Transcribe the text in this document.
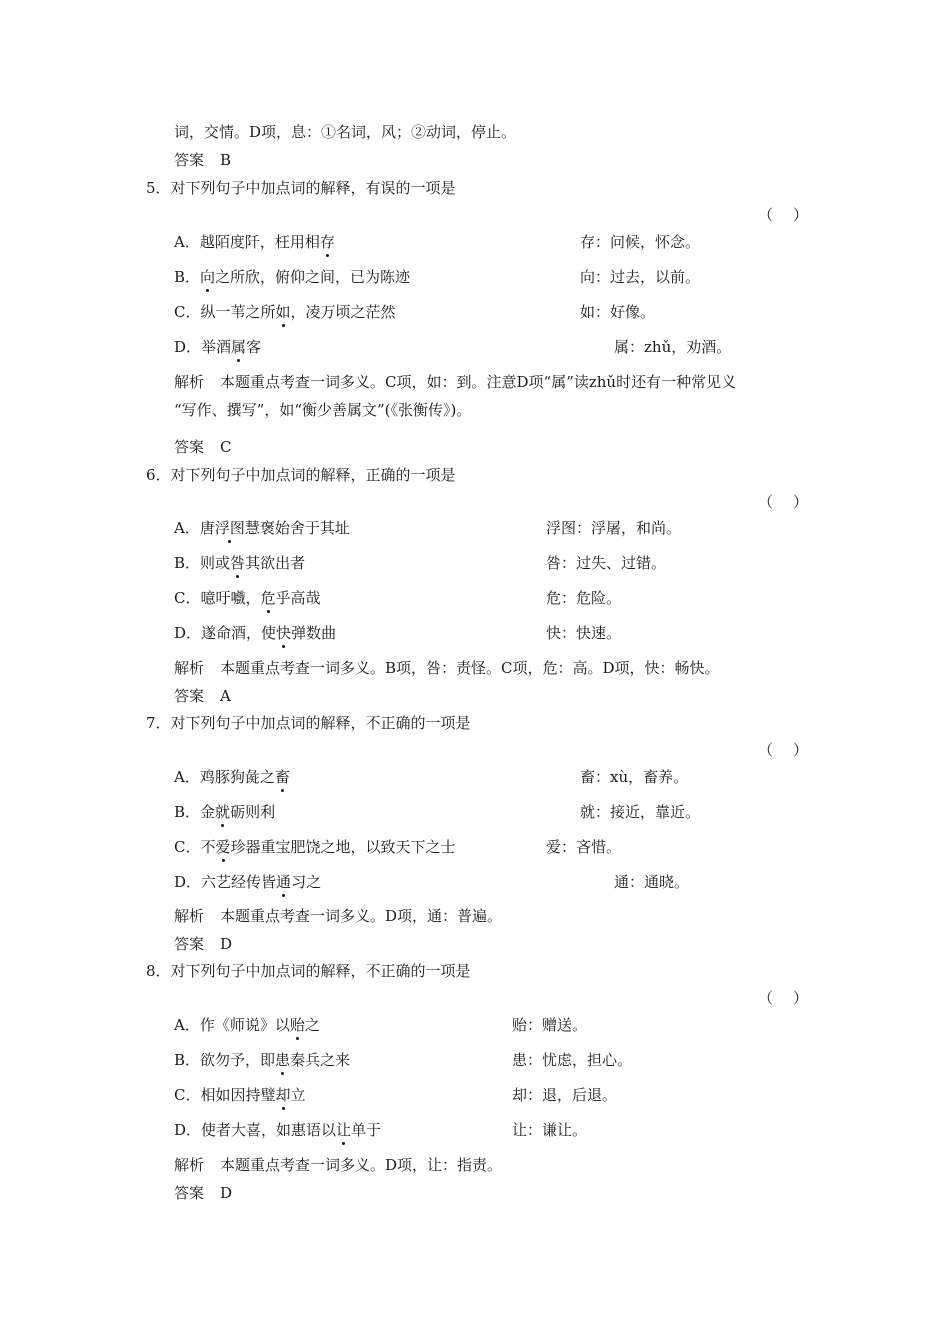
词，交情。D项，息：①名词，风；②动词，停止。
答案 B
5．对下列句子中加点词的解释，有误的一项是
（ ）
A．越陌度阡，枉用相存	存：问候，怀念。
B．向之所欣，俯仰之间，已为陈迹	向：过去，以前。
C．纵一苇之所如，凌万顷之茫然	如：好像。
D．举酒属客	属：zhǔ，劝酒。
解析 本题重点考查一词多义。C项，如：到。注意D项“属”读zhǔ时还有一种常见义
“写作、撰写”，如“衡少善属文”(《张衡传》)。
答案 C
6．对下列句子中加点词的解释，正确的一项是
（ ）
A．唐浮图慧褒始舍于其址	浮图：浮屠，和尚。
B．则或咎其欲出者	咎：过失、过错。
C．噫吁嚱，危乎高哉	危：危险。
D．遂命酒，使快弹数曲	快：快速。
解析 本题重点考查一词多义。B项，咎：责怪。C项，危：高。D项，快：畅快。
答案 A
7．对下列句子中加点词的解释，不正确的一项是
（ ）
A．鸡豚狗彘之畜	畜：xù，畜养。
B．金就砺则利	就：接近，靠近。
C．不爱珍器重宝肥饶之地，以致天下之士	爱：吝惜。
D．六艺经传皆通习之	通：通晓。
解析 本题重点考查一词多义。D项，通：普遍。
答案 D
8．对下列句子中加点词的解释，不正确的一项是
（ ）
A．作《师说》以贻之	贻：赠送。
B．欲勿予，即患秦兵之来	患：忧虑，担心。
C．相如因持璧却立	却：退，后退。
D．使者大喜，如惠语以让单于	让：谦让。
解析 本题重点考查一词多义。D项，让：指责。
答案 D
